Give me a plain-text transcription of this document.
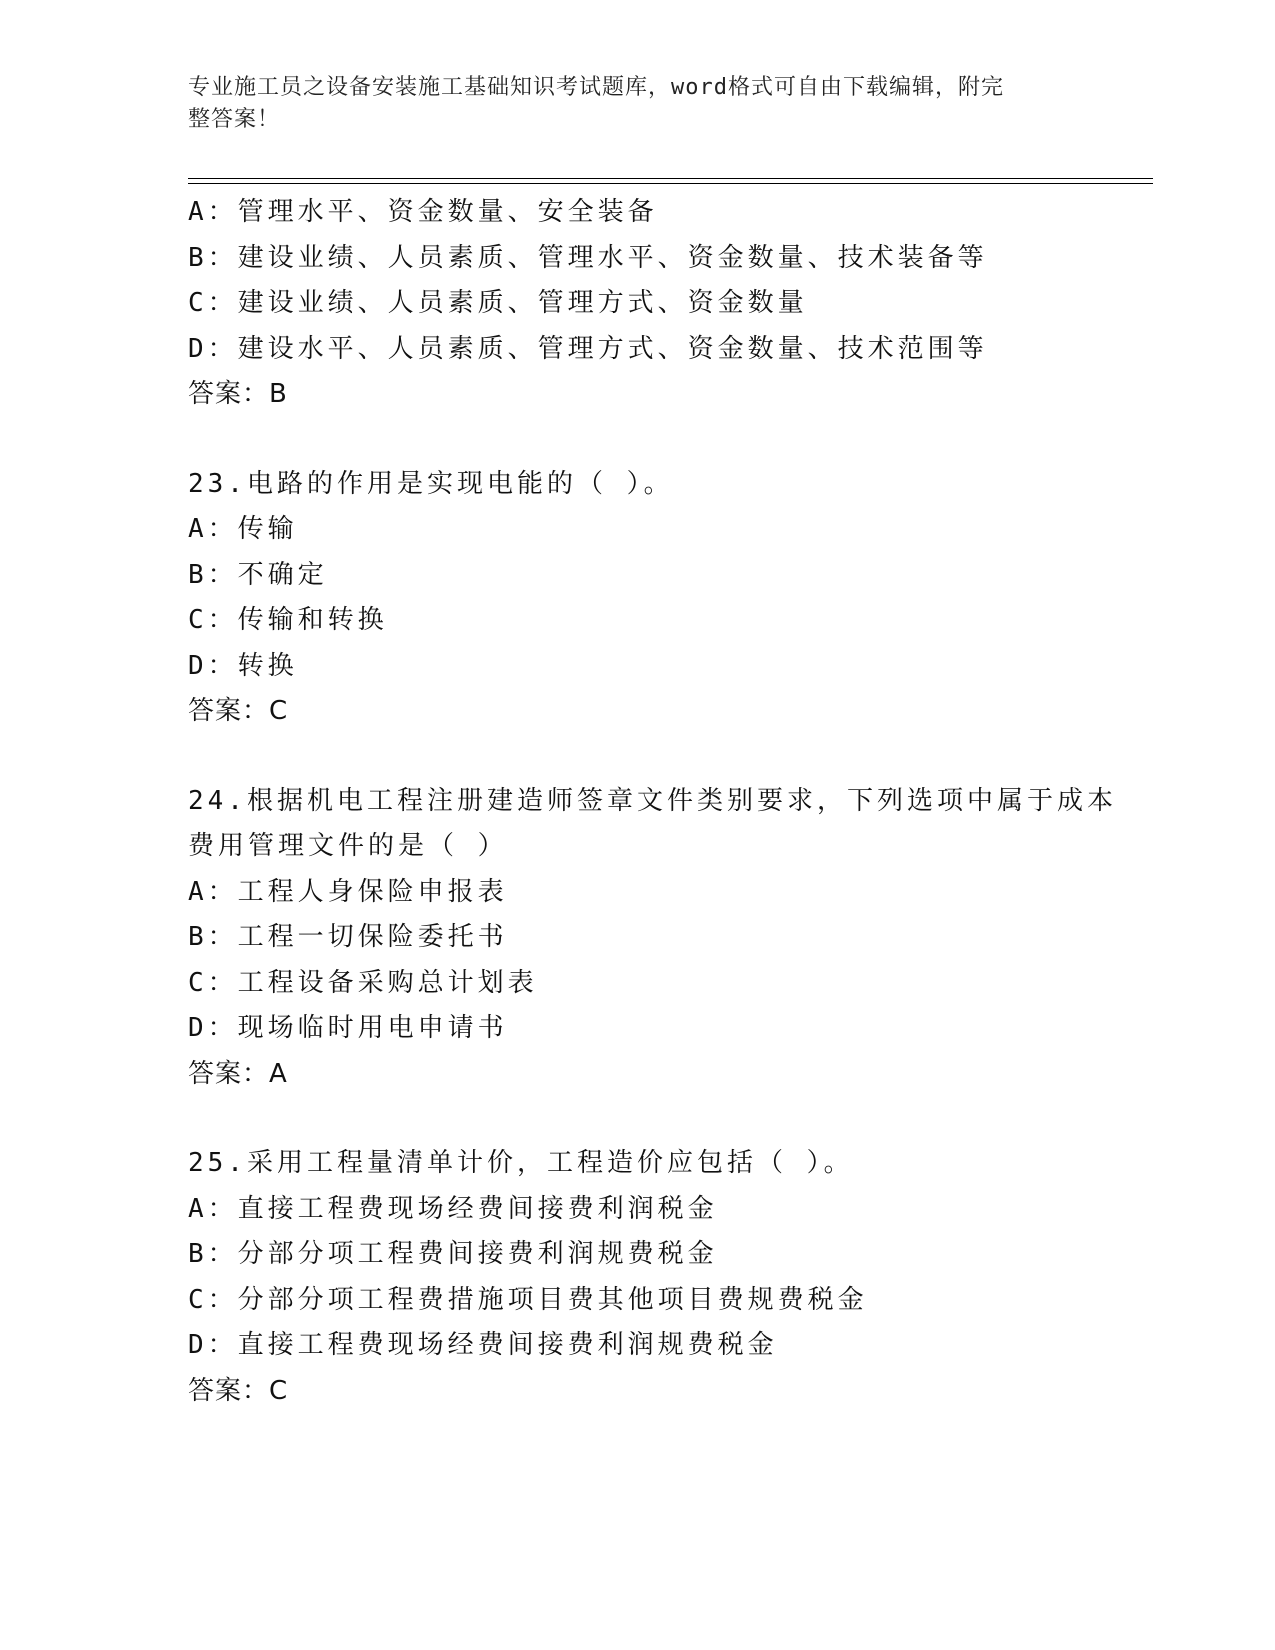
专业施工员之设备安装施工基础知识考试题库，word格式可自由下载编辑，附完
整答案！
A：管理水平、资金数量、安全装备
B：建设业绩、人员素质、管理水平、资金数量、技术装备等
C：建设业绩、人员素质、管理方式、资金数量
D：建设水平、人员素质、管理方式、资金数量、技术范围等
答案：B
23.电路的作用是实现电能的（ ）。
A：传输
B：不确定
C：传输和转换
D：转换
答案：C
24.根据机电工程注册建造师签章文件类别要求，下列选项中属于成本
费用管理文件的是（ ）
A：工程人身保险申报表
B：工程一切保险委托书
C：工程设备采购总计划表
D：现场临时用电申请书
答案：A
25.采用工程量清单计价，工程造价应包括（ ）。
A：直接工程费现场经费间接费利润税金
B：分部分项工程费间接费利润规费税金
C：分部分项工程费措施项目费其他项目费规费税金
D：直接工程费现场经费间接费利润规费税金
答案：C
